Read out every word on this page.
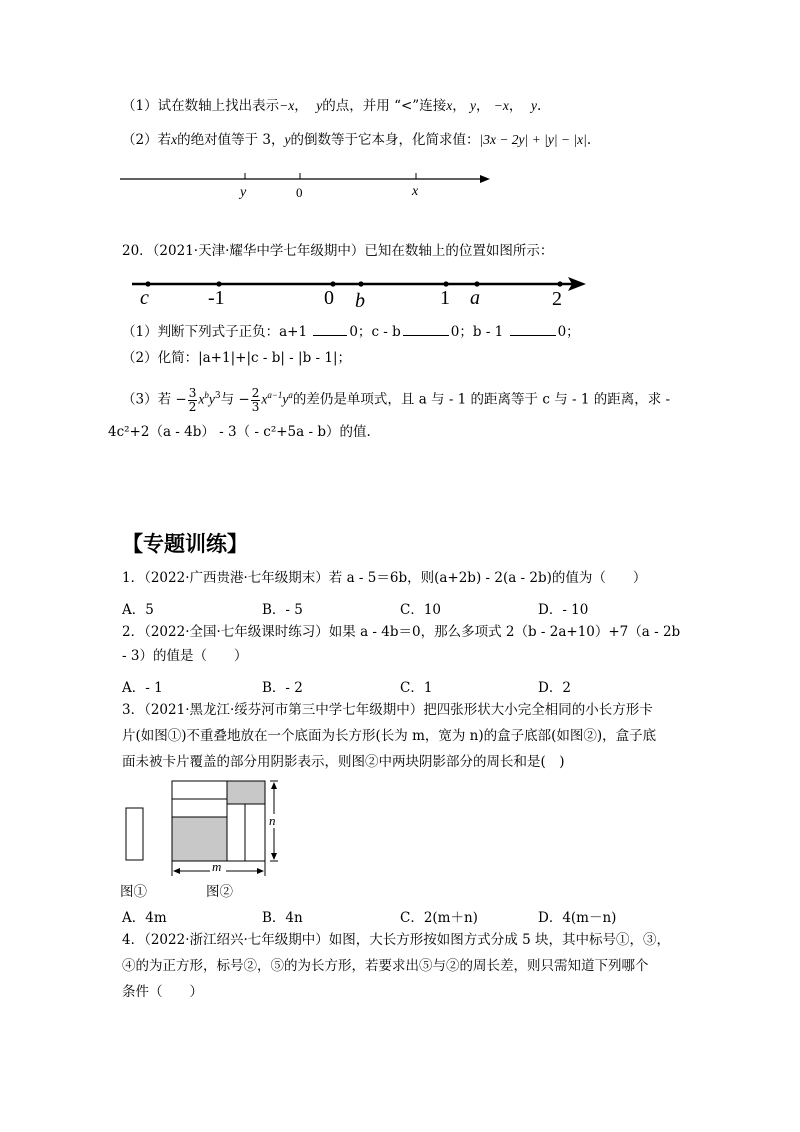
（1）试在数轴上找出表示−x， y的点，并用 “<”连接x， y， −x，  y.
（2）若x的绝对值等于 3，y的倒数等于它本身，化简求值：|3x − 2y| + |y| − |x|.
y	0	x
20．（2021·天津·耀华中学七年级期中）已知在数轴上的位置如图所示：
c	-1	0 b	1 a	2
（1）判断下列式子正负：a+1	0；c - b	0；b - 1	0；
（2）化简：|a+1|+|c - b| - |b - 1|；
（3）若 − $\frac{3}{2} x^by^3$与 − $\frac{2}{3} x^{a-1}y^a$的差仍是单项式，且 a 与 - 1 的距离等于 c 与 - 1 的距离，求 -
4c²+2（a - 4b） - 3（ - c²+5a - b）的值.
【专题训练】
1．（2022·广西贵港·七年级期末）若 a - 5＝6b，则(a+2b) - 2(a - 2b)的值为（　　）
A．5	B．- 5	C．10	D．- 10
2．（2022·全国·七年级课时练习）如果 a - 4b＝0，那么多项式 2（b - 2a+10）+7（a - 2b
- 3）的值是（　　）
A．- 1	B．- 2	C．1	D．2
3．（2021·黑龙江·绥芬河市第三中学七年级期中）把四张形状大小完全相同的小长方形卡
片(如图①)不重叠地放在一个底面为长方形(长为 m，宽为 n)的盒子底部(如图②)，盒子底
面未被卡片覆盖的部分用阴影表示，则图②中两块阴影部分的周长和是(　)
n
m
图①	图②
A．4m	B．4n	C．2(m＋n)	D．4(m－n)
4．（2022·浙江绍兴·七年级期中）如图，大长方形按如图方式分成 5 块，其中标号①，③，
④的为正方形，标号②，⑤的为长方形，若要求出⑤与②的周长差，则只需知道下列哪个
条件（　　）
